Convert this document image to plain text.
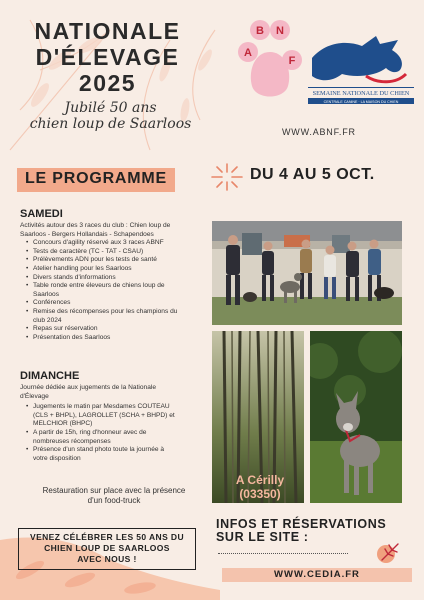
NATIONALE
D'ÉLEVAGE
2025
Jubilé 50 ans
chien loup de Saarloos
A
B N
F
SEMAINE NATIONALE DU CHIEN
CENTRALE CANINE · LA MAISON DU CHIEN
WWW.ABNF.FR
LE PROGRAMME	DU 4 AU 5 OCT.
SAMEDI
Activités autour des 3 races du club : Chien loup de
Saarloos - Bergers Hollandais - Schapendoes
• Concours d'agility réservé aux 3 races ABNF
• Tests de caractère (TC - TAT - CSAU)
• Prélèvements ADN pour les tests de santé
• Atelier handling pour les Saarloos
• Divers stands d'informations
• Table ronde entre éleveurs de chiens loup de
Saarloos
• Conférences
• Remise des récompenses pour les champions du
club 2024
• Repas sur réservation
• Présentation des Saarloos
DIMANCHE
Journée dédiée aux jugements de la Nationale
d'Élevage
• Jugements le matin par Mesdames COUTEAU
(CLS + BHPL), LAGROLLET (SCHA + BHPD) et
MELCHIOR (BHPC)
• A partir de 15h, ring d'honneur avec de
nombreuses récompenses
• Présence d'un stand photo toute la journée à
votre disposition
A Cérilly
(03350)
Restauration sur place avec la présence
d'un food-truck
VENEZ CÉLÉBRER LES 50 ANS DU
CHIEN LOUP DE SAARLOOS
AVEC NOUS !
INFOS ET RÉSERVATIONS
SUR LE SITE :
WWW.CEDIA.FR
